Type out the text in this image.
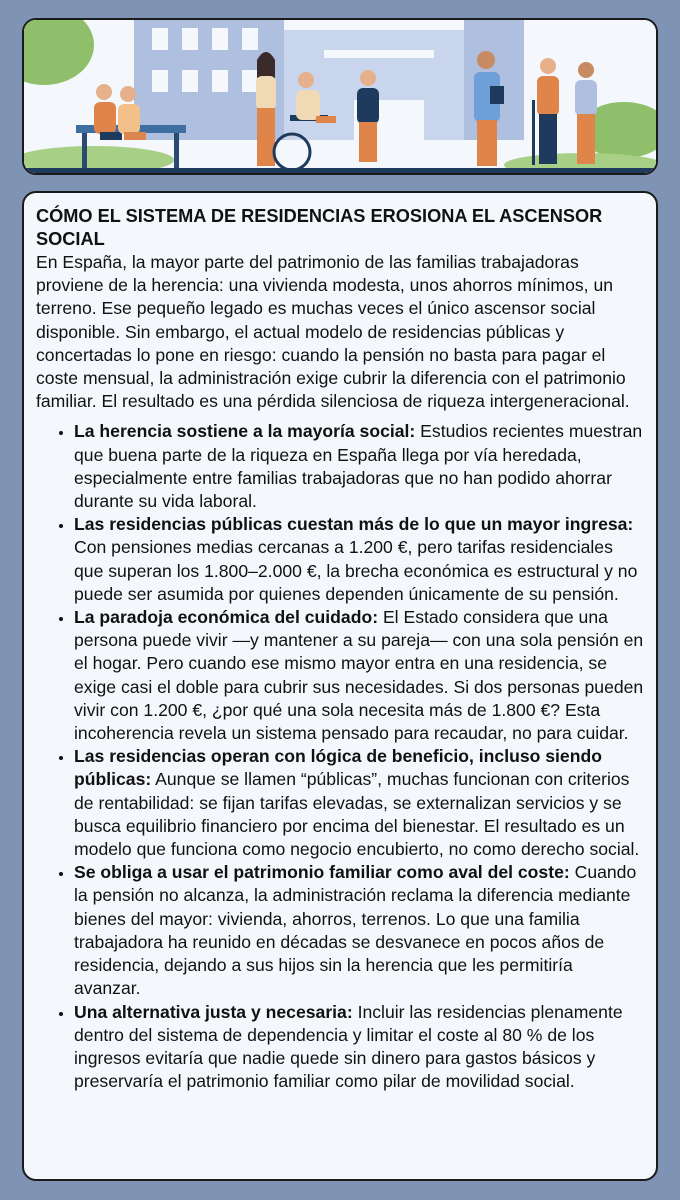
CÓMO EL SISTEMA DE RESIDENCIAS EROSIONA EL ASCENSOR SOCIAL

En España, la mayor parte del patrimonio de las familias trabajadoras proviene de la herencia: una vivienda modesta, unos ahorros mínimos, un terreno. Ese pequeño legado es muchas veces el único ascensor social disponible. Sin embargo, el actual modelo de residencias públicas y concertadas lo pone en riesgo: cuando la pensión no basta para pagar el coste mensual, la administración exige cubrir la diferencia con el patrimonio familiar. El resultado es una pérdida silenciosa de riqueza intergeneracional.

• La herencia sostiene a la mayoría social: Estudios recientes muestran que buena parte de la riqueza en España llega por vía heredada, especialmente entre familias trabajadoras que no han podido ahorrar durante su vida laboral.
• Las residencias públicas cuestan más de lo que un mayor ingresa: Con pensiones medias cercanas a 1.200 €, pero tarifas residenciales que superan los 1.800–2.000 €, la brecha económica es estructural y no puede ser asumida por quienes dependen únicamente de su pensión.
• La paradoja económica del cuidado: El Estado considera que una persona puede vivir —y mantener a su pareja— con una sola pensión en el hogar. Pero cuando ese mismo mayor entra en una residencia, se exige casi el doble para cubrir sus necesidades. Si dos personas pueden vivir con 1.200 €, ¿por qué una sola necesita más de 1.800 €? Esta incoherencia revela un sistema pensado para recaudar, no para cuidar.
• Las residencias operan con lógica de beneficio, incluso siendo públicas: Aunque se llamen “públicas”, muchas funcionan con criterios de rentabilidad: se fijan tarifas elevadas, se externalizan servicios y se busca equilibrio financiero por encima del bienestar. El resultado es un modelo que funciona como negocio encubierto, no como derecho social.
• Se obliga a usar el patrimonio familiar como aval del coste: Cuando la pensión no alcanza, la administración reclama la diferencia mediante bienes del mayor: vivienda, ahorros, terrenos. Lo que una familia trabajadora ha reunido en décadas se desvanece en pocos años de residencia, dejando a sus hijos sin la herencia que les permitiría avanzar.
• Una alternativa justa y necesaria: Incluir las residencias plenamente dentro del sistema de dependencia y limitar el coste al 80 % de los ingresos evitaría que nadie quede sin dinero para gastos básicos y preservaría el patrimonio familiar como pilar de movilidad social.
